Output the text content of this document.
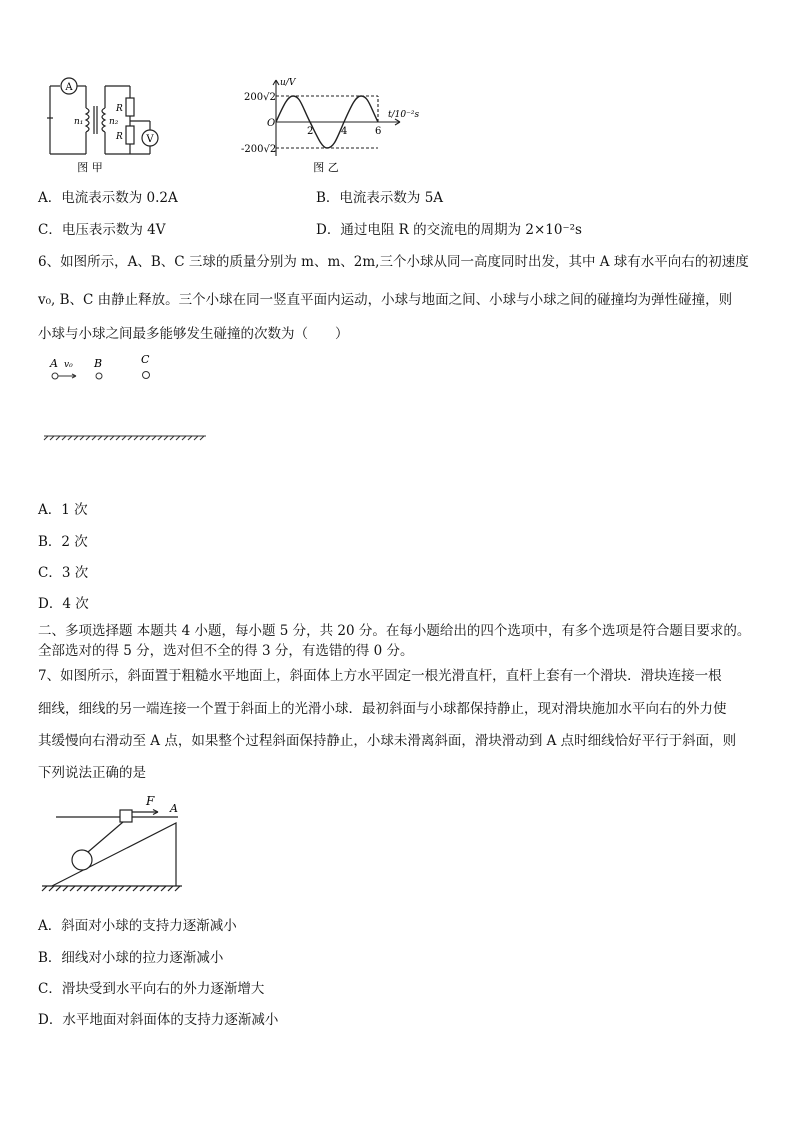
A
V
n₁	n₂
R
R
图 甲
u/V
t/10⁻²s
O
200√2
-200√2
2	4	6
图 乙
A．电流表示数为 0.2A	B．电流表示数为 5A
C．电压表示数为 4V	D．通过电阻 R 的交流电的周期为 2×10⁻²s
6、如图所示，A、B、C 三球的质量分别为 m、m、2m,三个小球从同一高度同时出发，其中 A 球有水平向右的初速度
v₀, B、C 由静止释放。三个小球在同一竖直平面内运动，小球与地面之间、小球与小球之间的碰撞均为弹性碰撞，则
小球与小球之间最多能够发生碰撞的次数为（　　）
A v₀ B	C
A．1 次
B．2 次
C．3 次
D．4 次
二、多项选择题 本题共 4 小题，每小题 5 分，共 20 分。在每小题给出的四个选项中，有多个选项是符合题目要求的。
全部选对的得 5 分，选对但不全的得 3 分，有选错的得 0 分。
7、如图所示，斜面置于粗糙水平地面上，斜面体上方水平固定一根光滑直杆，直杆上套有一个滑块．滑块连接一根
细线，细线的另一端连接一个置于斜面上的光滑小球．最初斜面与小球都保持静止，现对滑块施加水平向右的外力使
其缓慢向右滑动至 A 点，如果整个过程斜面保持静止，小球未滑离斜面，滑块滑动到 A 点时细线恰好平行于斜面，则
下列说法正确的是
F
A
A．斜面对小球的支持力逐渐减小
B．细线对小球的拉力逐渐减小
C．滑块受到水平向右的外力逐渐增大
D．水平地面对斜面体的支持力逐渐减小
